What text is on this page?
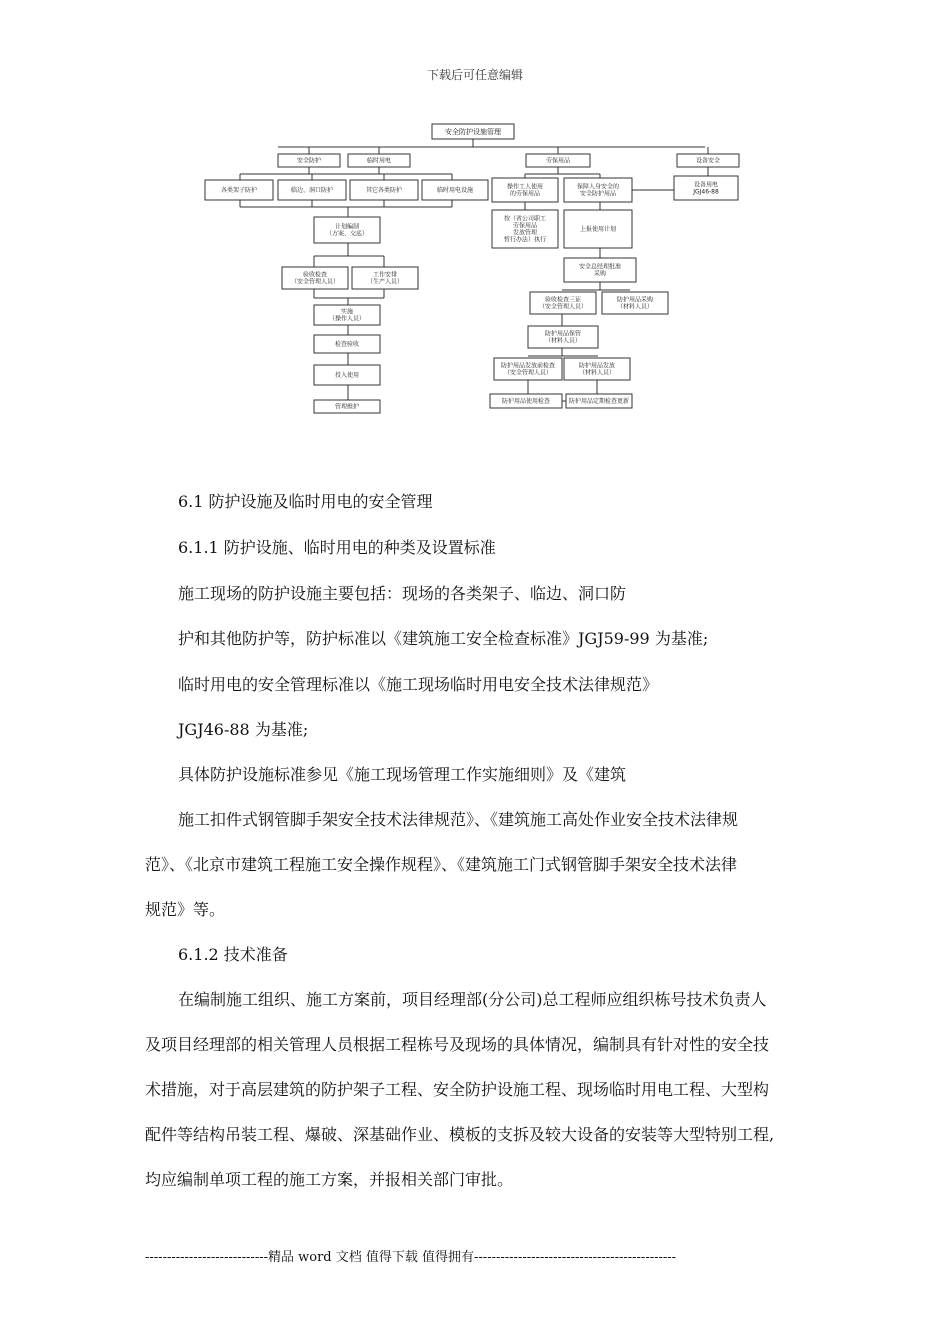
下载后可任意编辑
安全防护设施管理
安全防护	临时用电	劳保用品	设备安全
各类架子防护	临边、洞口防护	其它各类防护	临时用电设施
计划编制
（方案、交底）
验收检查
（安全管理人员）
工作安排
（生产人员）
实施
（操作人员）
检查验收
投入使用
管理维护
操作工人使用
的劳保用品
保障人身安全的
安全防护用品
按（省公司职工
劳保用品
发放管理
暂行办法）执行
上报使用计划
安全总经理批准
采购
验收检查三证
（安全管理人员）
防护用品采购
（材料人员）
防护用品保管
（材料人员）
防护用品发放前检查
（安全管理人员）
防护用品发放
（材料人员）
防护用品使用检查	防护用品定期检查更新
设备用电
JGJ46-88
6.1 防护设施及临时用电的安全管理
6.1.1 防护设施、临时用电的种类及设置标准
施工现场的防护设施主要包括：现场的各类架子、临边、洞口防
护和其他防护等，防护标准以《建筑施工安全检查标准》JGJ59-99 为基准;
临时用电的安全管理标准以《施工现场临时用电安全技术法律规范》
JGJ46-88 为基准;
具体防护设施标准参见《施工现场管理工作实施细则》及《建筑
施工扣件式钢管脚手架安全技术法律规范》、《建筑施工高处作业安全技术法律规
范》、《北京市建筑工程施工安全操作规程》、《建筑施工门式钢管脚手架安全技术法律
规范》等。
6.1.2 技术准备
在编制施工组织、施工方案前，项目经理部(分公司)总工程师应组织栋号技术负责人
及项目经理部的相关管理人员根据工程栋号及现场的具体情况，编制具有针对性的安全技
术措施，对于高层建筑的防护架子工程、安全防护设施工程、现场临时用电工程、大型构
配件等结构吊装工程、爆破、深基础作业、模板的支拆及较大设备的安装等大型特别工程,
均应编制单项工程的施工方案，并报相关部门审批。
----------------------------精品 word 文档 值得下载 值得拥有----------------------------------------------
